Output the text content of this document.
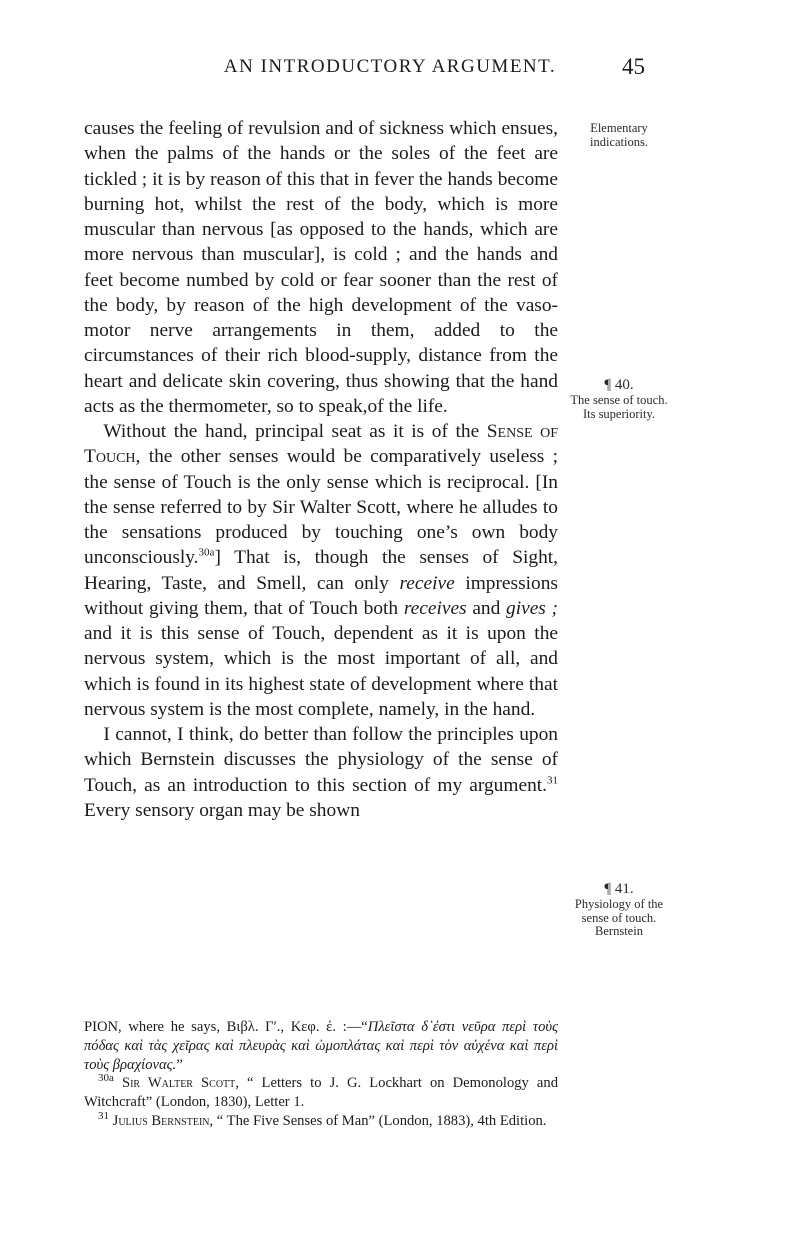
AN INTRODUCTORY ARGUMENT.	45

causes the feeling of revulsion and of sickness which ensues, when the palms of the hands or the soles of the feet are tickled ; it is by reason of this that in fever the hands become burning hot, whilst the rest of the body, which is more muscular than nervous [as opposed to the hands, which are more nervous than muscular], is cold ; and the hands and feet become numbed by cold or fear sooner than the rest of the body, by reason of the high development of the vaso-motor nerve arrangements in them, added to the circumstances of their rich blood-supply, distance from the heart and delicate skin covering, thus showing that the hand acts as the thermometer, so to speak,of the life.

 Without the hand, principal seat as it is of the Sense of Touch, the other senses would be comparatively useless ; the sense of Touch is the only sense which is reciprocal. [In the sense referred to by Sir Walter Scott, where he alludes to the sensations produced by touching one’s own body unconsciously.$^{30a}$] That is, though the senses of Sight, Hearing, Taste, and Smell, can only receive impressions without giving them, that of Touch both receives and gives ; and it is this sense of Touch, dependent as it is upon the nervous system, which is the most important of all, and which is found in its highest state of development where that nervous system is the most complete, namely, in the hand.

 I cannot, I think, do better than follow the principles upon which Bernstein discusses the physiology of the sense of Touch, as an introduction to this section of my argument.$^{31}$ Every sensory organ may be shown

Elementary indications.
¶ 40.
The sense of touch.
Its superiority.
¶ 41.
Physiology of the sense of touch.
Bernstein

PION, where he says, Βιβλ. Γ′., Κεφ. έ. :—“Πλεῖστα δ᾽ἐστι νεῦρα περὶ τοὺς πόδας καὶ τὰς χεῖρας καὶ πλευρὰς καὶ ὠμοπλάτας καὶ περὶ τὸν αὐχένα καὶ περὶ τοὺς βραχίονας.”

$^{30a}$ Sir Walter Scott, “ Letters to J. G. Lockhart on Demonology and Witchcraft” (London, 1830), Letter 1.

$^{31}$ Julius Bernstein, “ The Five Senses of Man” (London, 1883), 4th Edition.
